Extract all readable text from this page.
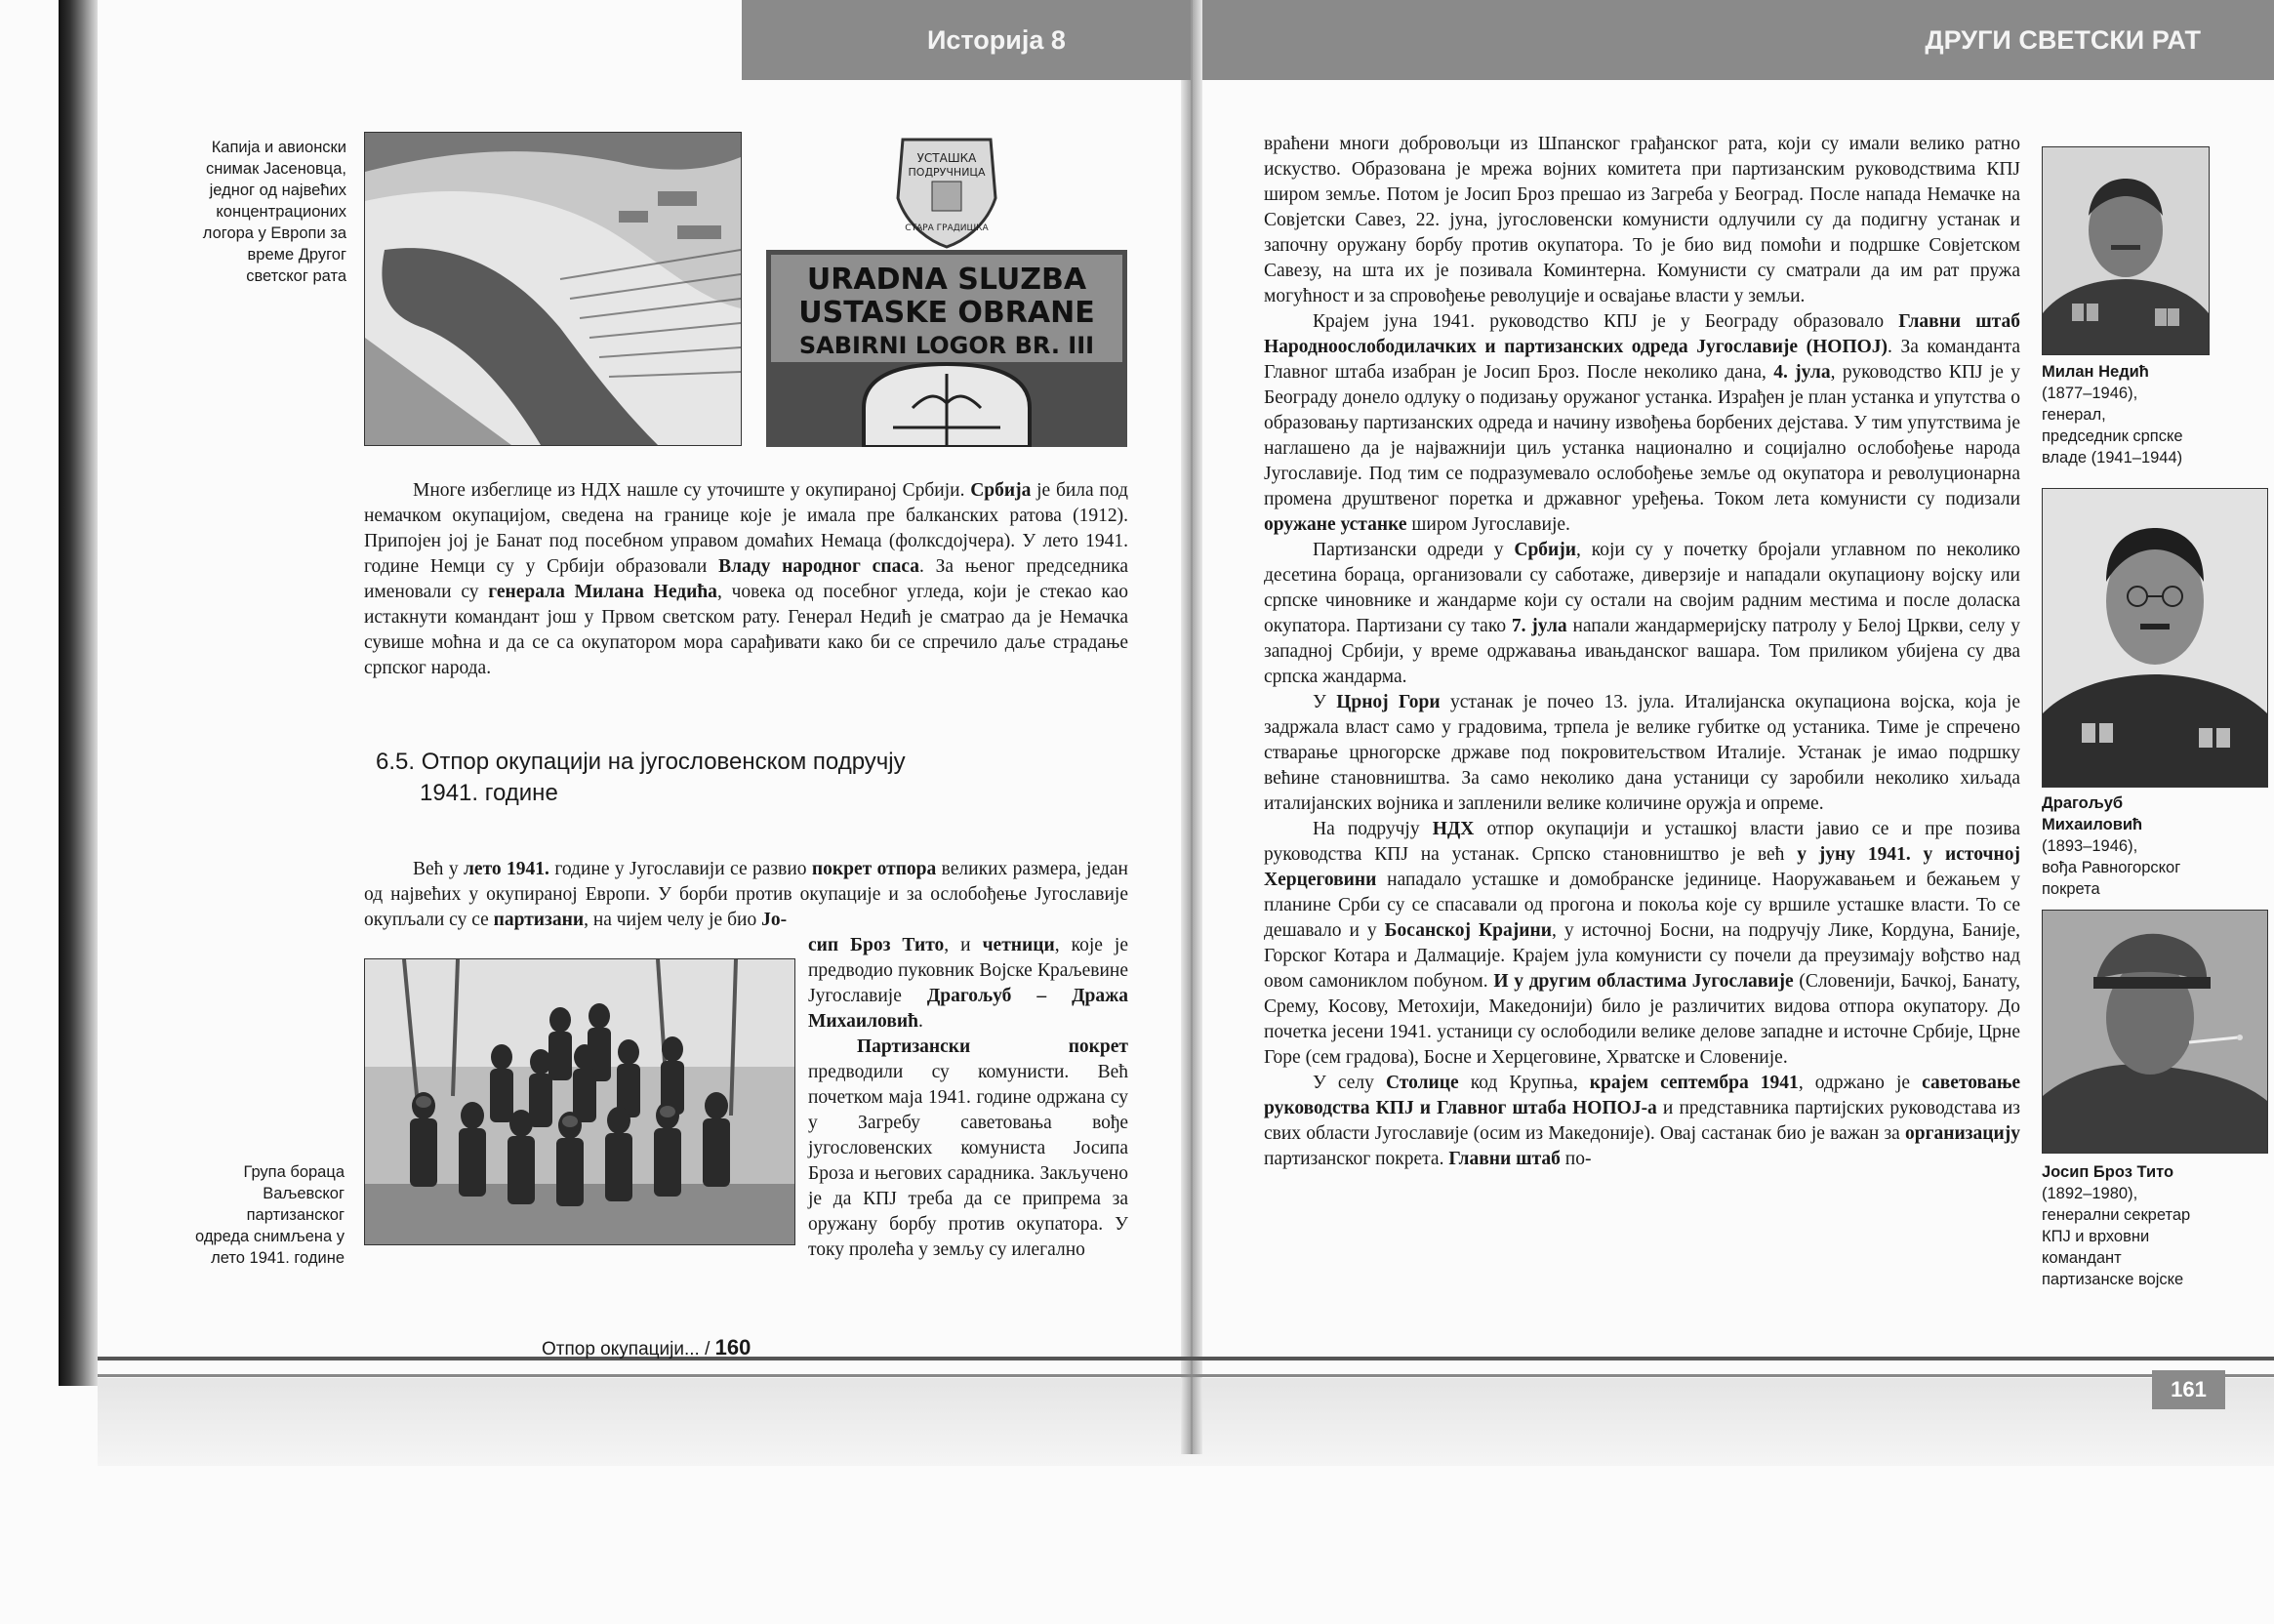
Историја 8	ДРУГИ СВЕТСКИ РАТ
Капија и авионски снимак Јасеновца, једног од највећих концентрационих логора у Европи за време Другог светског рата
УСТАШКА
ПОДРУЧНИЦА
СТАРА ГРАДИШКА
URADNA SLUZBA
USTASKE OBRANE
SABIRNI LOGOR BR. III

Многе избеглице из НДХ нашле су уточиште у окупираној Србији. Србија је била под немачком окупацијом, сведена на границе које је имала пре балканских ратова (1912). Припојен јој је Банат под посебном управом домаћих Немаца (фолксдојчера). У лето 1941. године Немци су у Србији образовали Владу народног спаса. За њеног председника именовали су генерала Милана Недића, човека од посебног угледа, који је стекао као истакнути командант још у Првом светском рату. Генерал Недић је сматрао да је Немачка сувише моћна и да се са окупатором мора сарађивати како би се спречило даље страдање српског народа.

6.5. Отпор окупацији на југословенском подручју
1941. године

Већ у лето 1941. године у Југославији се развио покрет отпора великих размера, један од највећих у окупираној Европи. У борби против окупације и за ослобођење Југославије окупљали су се партизани, на чијем челу је био Јо-

сип Броз Тито, и четници, које је предводио пуковник Војске Краљевине Југославије Драгољуб – Дража Михаиловић.

Партизански покрет предводили су комунисти. Већ почетком маја 1941. године одржана су у Загребу саветовања вође југословенских комуниста Јосипа Броза и његових сарадника. Закључено је да КПЈ треба да се припрема за оружану борбу против окупатора. У току пролећа у земљу су илегално

Група бораца Ваљевског партизанског одреда снимљена у лето 1941. године
Отпор окупацији... / 160

враћени многи добровољци из Шпанског грађанског рата, који су имали велико ратно искуство. Образована је мрежа војних комитета при партизанским руководствима КПЈ широм земље. Потом је Јосип Броз прешао из Загреба у Београд. После напада Немачке на Совјетски Савез, 22. јуна, југословенски комунисти одлучили су да подигну устанак и започну оружану борбу против окупатора. То је био вид помоћи и подршке Совјетском Савезу, на шта их је позивала Коминтерна. Комунисти су сматрали да им рат пружа могућност и за спровођење револуције и освајање власти у земљи.

Крајем јуна 1941. руководство КПЈ је у Београду образовало Главни штаб Народноослободилачких и партизанских одреда Југославије (НОПОЈ). За команданта Главног штаба изабран је Јосип Броз. После неколико дана, 4. јула, руководство КПЈ је у Београду донело одлуку о подизању оружаног устанка. Израђен је план устанка и упутства о образовању партизанских одреда и начину извођења борбених дејстава. У тим упутствима је наглашено да је најважнији циљ устанка национално и социјално ослобођење народа Југославије. Под тим се подразумевало ослобођење земље од окупатора и револуционарна промена друштвеног поретка и државног уређења. Током лета комунисти су подизали оружане устанке широм Југославије.

Партизански одреди у Србији, који су у почетку бројали углавном по неколико десетина бораца, организовали су саботаже, диверзије и нападали окупациону војску или српске чиновнике и жандарме који су остали на својим радним местима и после доласка окупатора. Партизани су тако 7. јула напали жандармеријску патролу у Белој Цркви, селу у западној Србији, у време одржавања ивањданског вашара. Том приликом убијена су два српска жандарма.

У Црној Гори устанак је почео 13. јула. Италијанска окупациона војска, која је задржала власт само у градовима, трпела је велике губитке од устаника. Тиме је спречено стварање црногорске државе под покровитељством Италије. Устанак је имао подршку већине становништва. За само неколико дана устаници су заробили неколико хиљада италијанских војника и запленили велике количине оружја и опреме.

На подручју НДХ отпор окупацији и усташкој власти јавио се и пре позива руководства КПЈ на устанак. Српско становништво је већ у јуну 1941. у источној Херцеговини нападало усташке и домобранске јединице. Наоружавањем и бежањем у планине Срби су се спасавали од прогона и покоља које су вршиле усташке власти. То се дешавало и у Босанској Крајини, у источној Босни, на подручју Лике, Кордуна, Баније, Горског Котара и Далмације. Крајем јула комунисти су почели да преузимају вођство над овом самониклом побуном. И у другим областима Југославије (Словенији, Бачкој, Банату, Срему, Косову, Метохији, Македонији) било је различитих видова отпора окупатору. До почетка јесени 1941. устаници су ослободили велике делове западне и источне Србије, Црне Горе (сем градова), Босне и Херцеговине, Хрватске и Словеније.

У селу Столице код Крупња, крајем септембра 1941, одржано је саветовање руководства КПЈ и Главног штаба НОПОЈ-а и представника партијских руководстава из свих области Југославије (осим из Македоније). Овај састанак био је важан за организацију партизанског покрета. Главни штаб по-

Милан Недић
(1877–1946),
генерал,
председник српске
владе (1941–1944)
Драгољуб
Михаиловић
(1893–1946),
вођа Равногорског
покрета
Јосип Броз Тито
(1892–1980),
генерални секретар
КПЈ и врховни
командант
партизанске војске
161
